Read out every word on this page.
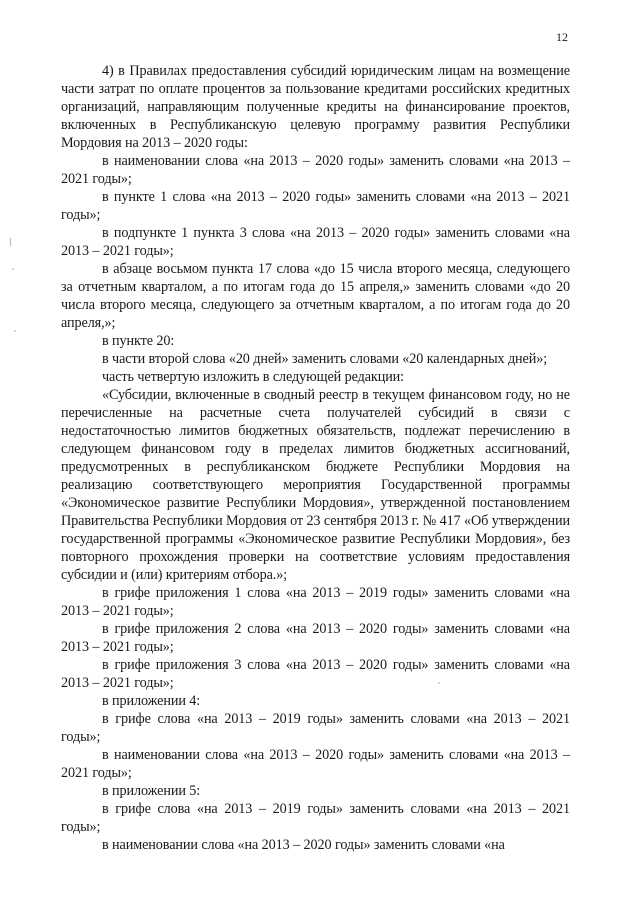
12

4) в Правилах предоставления субсидий юридическим лицам на возмещение части затрат по оплате процентов за пользование кредитами российских кредитных организаций, направляющим полученные кредиты на финансирование проектов, включенных в Республиканскую целевую программу развития Республики Мордовия на 2013 – 2020 годы:

в наименовании слова «на 2013 – 2020 годы» заменить словами «на 2013 – 2021 годы»;

в пункте 1 слова «на 2013 – 2020 годы» заменить словами «на 2013 – 2021 годы»;

в подпункте 1 пункта 3 слова «на 2013 – 2020 годы» заменить словами «на 2013 – 2021 годы»;

в абзаце восьмом пункта 17 слова «до 15 числа второго месяца, следующего за отчетным кварталом, а по итогам года до 15 апреля,» заменить словами «до 20 числа второго месяца, следующего за отчетным кварталом, а по итогам года до 20 апреля,»;

в пункте 20:

в части второй слова «20 дней» заменить словами «20 календарных дней»;

часть четвертую изложить в следующей редакции:

«Субсидии, включенные в сводный реестр в текущем финансовом году, но не перечисленные на расчетные счета получателей субсидий в связи с недостаточностью лимитов бюджетных обязательств, подлежат перечислению в следующем финансовом году в пределах лимитов бюджетных ассигнований, предусмотренных в республиканском бюджете Республики Мордовия на реализацию соответствующего мероприятия Государственной программы «Экономическое развитие Республики Мордовия», утвержденной постановлением Правительства Республики Мордовия от 23 сентября 2013 г. № 417 «Об утверждении государственной программы «Экономическое развитие Республики Мордовия», без повторного прохождения проверки на соответствие условиям предоставления субсидии и (или) критериям отбора.»;

в грифе приложения 1 слова «на 2013 – 2019 годы» заменить словами «на 2013 – 2021 годы»;

в грифе приложения 2 слова «на 2013 – 2020 годы» заменить словами «на 2013 – 2021 годы»;

в грифе приложения 3 слова «на 2013 – 2020 годы» заменить словами «на 2013 – 2021 годы»;

в приложении 4:

в грифе слова «на 2013 – 2019 годы» заменить словами «на 2013 – 2021 годы»;

в наименовании слова «на 2013 – 2020 годы» заменить словами «на 2013 – 2021 годы»;

в приложении 5:

в грифе слова «на 2013 – 2019 годы» заменить словами «на 2013 – 2021 годы»;

в наименовании слова «на 2013 – 2020 годы» заменить словами «на
